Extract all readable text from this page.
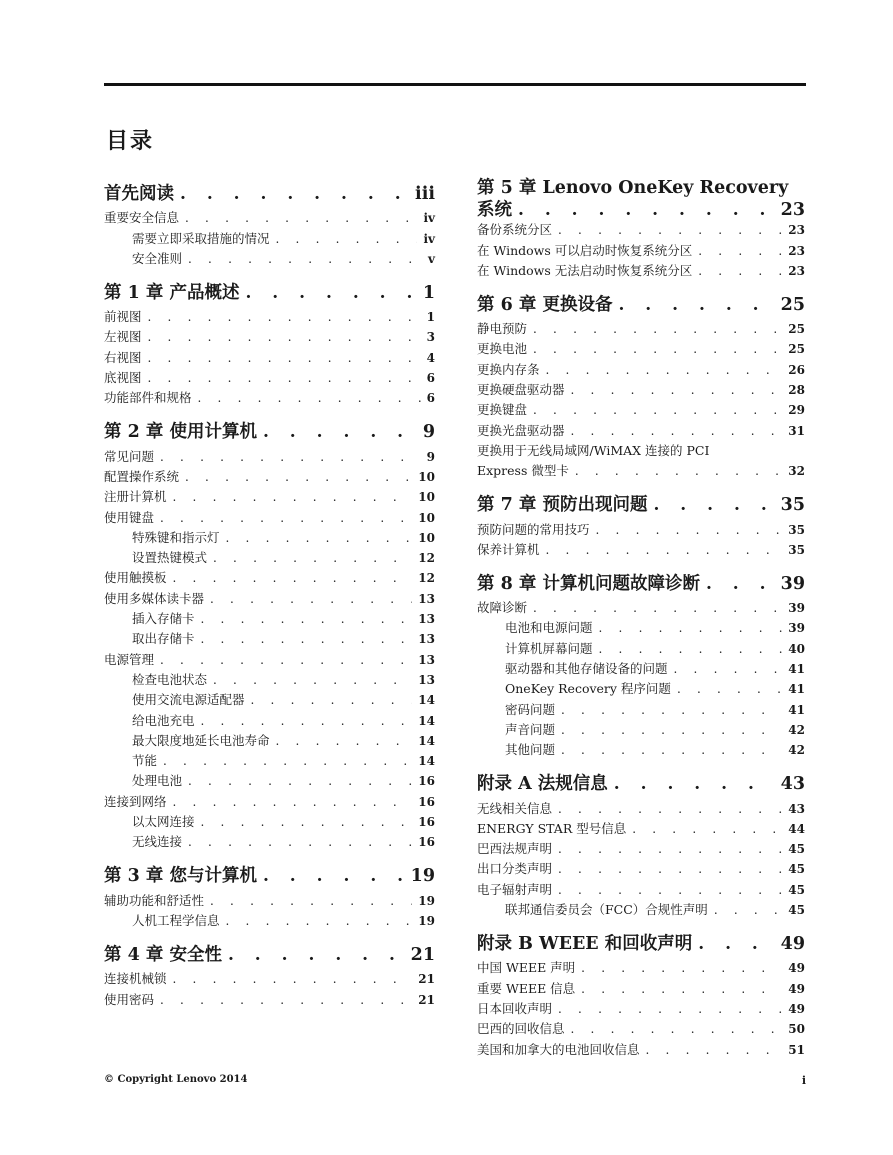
目录
首先阅读 . . .	iii
重要安全信息 . . .	iv
需要立即采取措施的情况 . . .	iv
安全准则 . . .	v
第 1 章 产品概述 . . .	1
前视图 . . .	1
左视图 . . .	3
右视图 . . .	4
底视图 . . .	6
功能部件和规格 . . .	6
第 2 章 使用计算机 . . .	9
常见问题 . . .	9
配置操作系统 . . .	10
注册计算机 . . .	10
使用键盘 . . .	10
特殊键和指示灯 . . .	10
设置热键模式 . . .	12
使用触摸板 . . .	12
使用多媒体读卡器 . . .	13
插入存储卡 . . .	13
取出存储卡 . . .	13
电源管理 . . .	13
检查电池状态 . . .	13
使用交流电源适配器 . . .	14
给电池充电 . . .	14
最大限度地延长电池寿命 . . .	14
节能 . . .	14
处理电池 . . .	16
连接到网络 . . .	16
以太网连接 . . .	16
无线连接 . . .	16
第 3 章 您与计算机 . . .	19
辅助功能和舒适性 . . .	19
人机工程学信息 . . .	19
第 4 章 安全性 . . .	21
连接机械锁 . . .	21
使用密码 . . .	21
第 5 章 Lenovo OneKey Recovery
系统 . . .	23
备份系统分区 . . .	23
在 Windows 可以启动时恢复系统分区 . . .	23
在 Windows 无法启动时恢复系统分区 . . .	23
第 6 章 更换设备 . . .	25
静电预防 . . .	25
更换电池 . . .	25
更换内存条 . . .	26
更换硬盘驱动器 . . .	28
更换键盘 . . .	29
更换光盘驱动器 . . .	31
更换用于无线局域网/WiMAX 连接的 PCI
Express 微型卡 . . .	32
第 7 章 预防出现问题 . . .	35
预防问题的常用技巧 . . .	35
保养计算机 . . .	35
第 8 章 计算机问题故障诊断 . . .	39
故障诊断 . . .	39
电池和电源问题 . . .	39
计算机屏幕问题 . . .	40
驱动器和其他存储设备的问题 . . .	41
OneKey Recovery 程序问题 . . .	41
密码问题 . . .	41
声音问题 . . .	42
其他问题 . . .	42
附录 A 法规信息 . . .	43
无线相关信息 . . .	43
ENERGY STAR 型号信息 . . .	44
巴西法规声明 . . .	45
出口分类声明 . . .	45
电子辐射声明 . . .	45
联邦通信委员会（FCC）合规性声明 . . .	45
附录 B WEEE 和回收声明 . . .	49
中国 WEEE 声明 . . .	49
重要 WEEE 信息 . . .	49
日本回收声明 . . .	49
巴西的回收信息 . . .	50
美国和加拿大的电池回收信息 . . .	51
© Copyright Lenovo 2014	i
